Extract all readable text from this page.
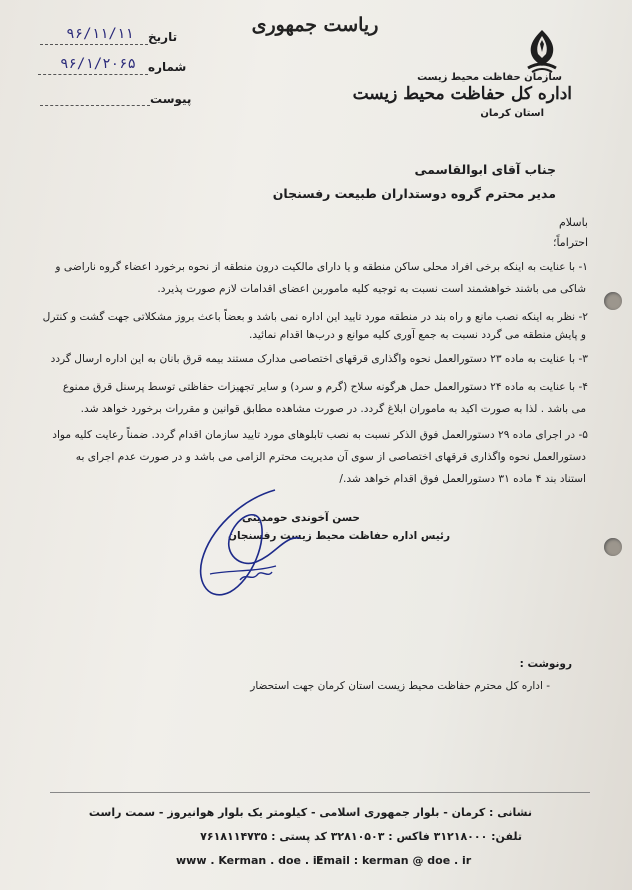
ریاست جمهوری
تاریخ
۹۶/۱۱/۱۱
شماره
۹۶/۱/۲۰۶۵
پیوست
سازمان حفاظت محیط زیست
اداره کل حفاظت محیط زیست
استان کرمان
جناب آقای ابوالقاسمی
مدیر محترم گروه دوستداران طبیعت رفسنجان
باسلام
احتراماً؛
۱- با عنایت به اینکه برخی افراد محلی ساکن منطقه و یا دارای مالکیت درون منطقه از نحوه برخورد اعضاء گروه ناراضی و
شاکی می باشند خواهشمند است نسبت به توجیه کلیه ماموربن اعضای اقدامات لازم صورت پذیرد.
۲- نظر به اینکه نصب مانع و راه بند در منطقه مورد تایید این اداره نمی باشد و بعضاً باعث بروز مشکلاتی جهت گشت و کنترل
و پایش منطقه می گردد نسبت به جمع آوری کلیه موانع و درب‌ها اقدام نمائید.
۳- با عنایت به ماده ۲۳ دستورالعمل نحوه واگذاری قرقهای اختصاصی مدارک مستند بیمه قرق بانان به این اداره ارسال گردد
۴- با عنایت به ماده ۲۴ دستورالعمل حمل هرگونه سلاح (گرم و سرد) و سایر تجهیزات حفاظتی توسط پرسنل قرق ممنوع
می باشد . لذا به صورت اکید به ماموران ابلاغ گردد. در صورت مشاهده مطابق قوانین و مقررات برخورد خواهد شد.
۵- در اجرای ماده ۲۹ دستورالعمل فوق الذکر نسبت به نصب تابلوهای مورد تایید سازمان اقدام گردد. ضمناً رعایت کلیه مواد
دستورالعمل نحوه واگذاری قرقهای اختصاصی از سوی آن مدیریت محترم الزامی می باشد و در صورت عدم اجرای به
استناد بند ۴ ماده ۳۱ دستورالعمل فوق اقدام خواهد شد./
حسن آخوندی حومدینی
رئیس اداره حفاظت محیط زیست رفسنجان
رونوشت :
- اداره کل محترم حفاظت محیط زیست استان کرمان جهت استحضار
نشانی : کرمان - بلوار جمهوری اسلامی - کیلومتر یک بلوار هوانیروز - سمت راست
تلفن: ۳۱۲۱۸۰۰۰ فاکس : ۳۲۸۱۰۵۰۳ کد پستی : ۷۶۱۸۱۱۴۷۳۵
www . Kerman . doe . ir
Email : kerman @ doe . ir
